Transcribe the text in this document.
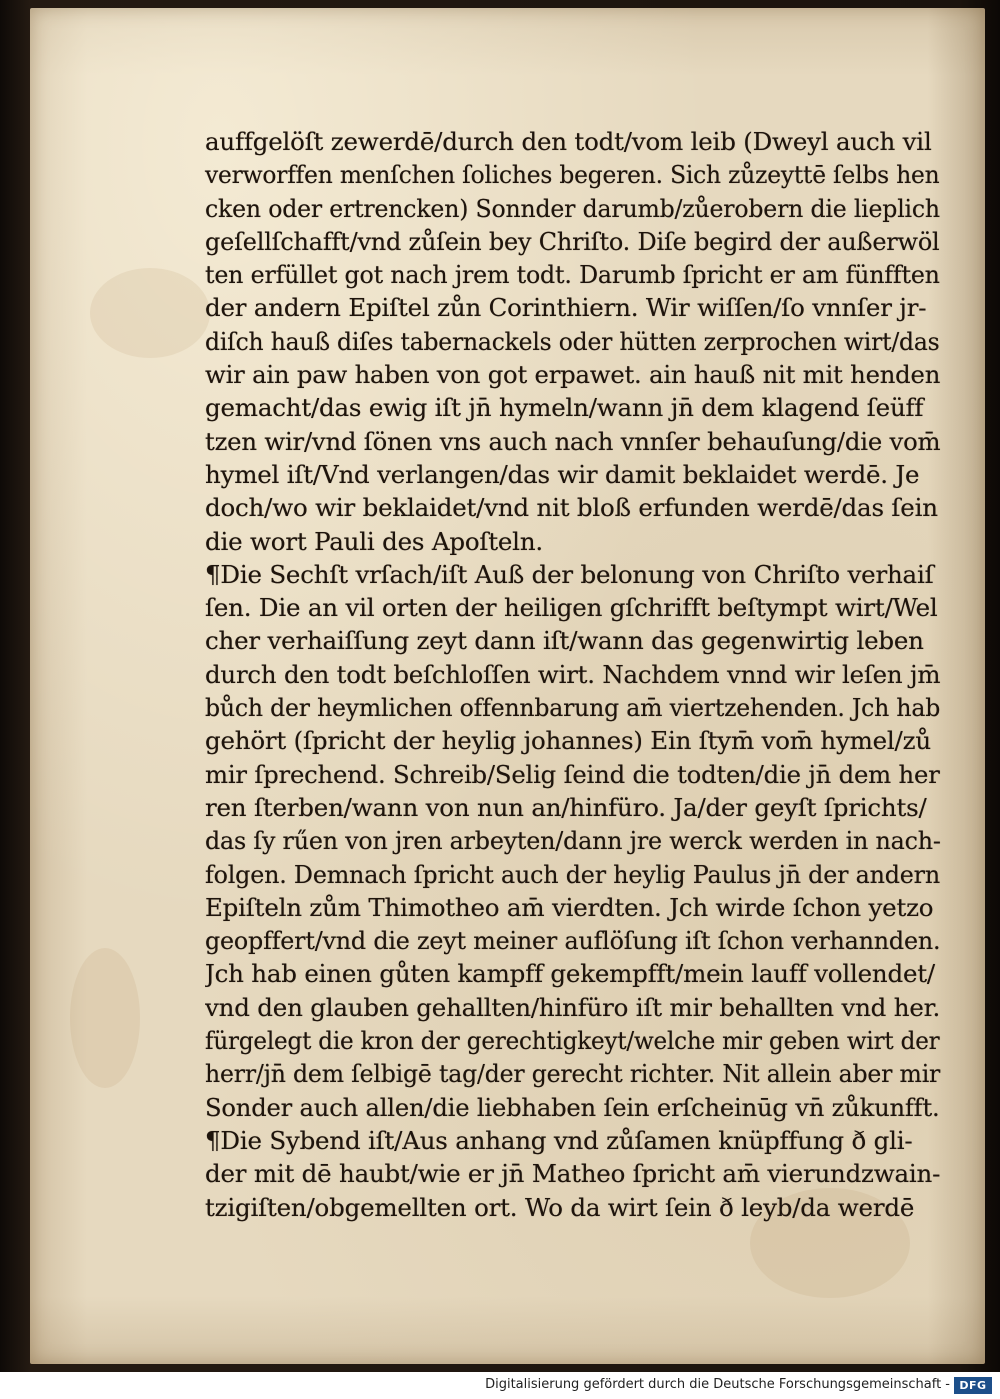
auffgelöſt zewerdē/durch den todt/vom leib (Dweyl auch vil
verworffen menſchen ſoliches begeren. Sich zůzeyttē ſelbs hen
cken oder ertrencken) Sonnder darumb/zůerobern die lieplich
geſellſchafft/vnd zůſein bey Chriſto. Diſe begird der außerwöl
ten erfüllet got nach jrem todt. Darumb ſpricht er am fünfften
der andern Epiſtel zůn Corinthiern. Wir wiſſen/ſo vnnſer jr-
diſch hauß diſes tabernackels oder hütten zerprochen wirt/das
wir ain paw haben von got erpawet. ain hauß nit mit henden
gemacht/das ewig iſt jn̄ hymeln/wann jn̄ dem klagend ſeüff
tzen wir/vnd ſönen vns auch nach vnnſer behauſung/die vom̄
hymel iſt/Vnd verlangen/das wir damit beklaidet werdē. Je
doch/wo wir beklaidet/vnd nit bloß erfunden werdē/das ſein
die wort Pauli des Apoſteln.
¶Die Sechſt vrſach/iſt Auß der belonung von Chriſto verhaiſ
ſen. Die an vil orten der heiligen gſchrifft beſtympt wirt/Wel
cher verhaiſſung zeyt dann iſt/wann das gegenwirtig leben
durch den todt beſchloſſen wirt. Nachdem vnnd wir leſen jm̄
bůch der heymlichen offennbarung am̄ viertzehenden. Jch hab
gehört (ſpricht der heylig johannes) Ein ſtym̄ vom̄ hymel/zů
mir ſprechend. Schreib/Selig ſeind die todten/die jn̄ dem her
ren ſterben/wann von nun an/hinfüro. Ja/der geyſt ſprichts/
das ſy rűen von jren arbeyten/dann jre werck werden in nach-
folgen. Demnach ſpricht auch der heylig Paulus jn̄ der andern
Epiſteln zům Thimotheo am̄ vierdten. Jch wirde ſchon yetzo
geopffert/vnd die zeyt meiner auflöſung iſt ſchon verhannden.
Jch hab einen gůten kampff gekempfft/mein lauff vollendet/
vnd den glauben gehallten/hinfüro iſt mir behallten vnd her.
fürgelegt die kron der gerechtigkeyt/welche mir geben wirt der
herr/jn̄ dem ſelbigē tag/der gerecht richter. Nit allein aber mir
Sonder auch allen/die liebhaben ſein erſcheinūg vn̄ zůkunfft.
¶Die Sybend iſt/Aus anhang vnd zůſamen knüpffung ð gli-
der mit dē haubt/wie er jn̄ Matheo ſpricht am̄ vierundzwain-
tzigiſten/obgemellten ort. Wo da wirt ſein ð leyb/da werdē
Digitalisierung gefördert durch die Deutsche Forschungsgemeinschaft - DFG
